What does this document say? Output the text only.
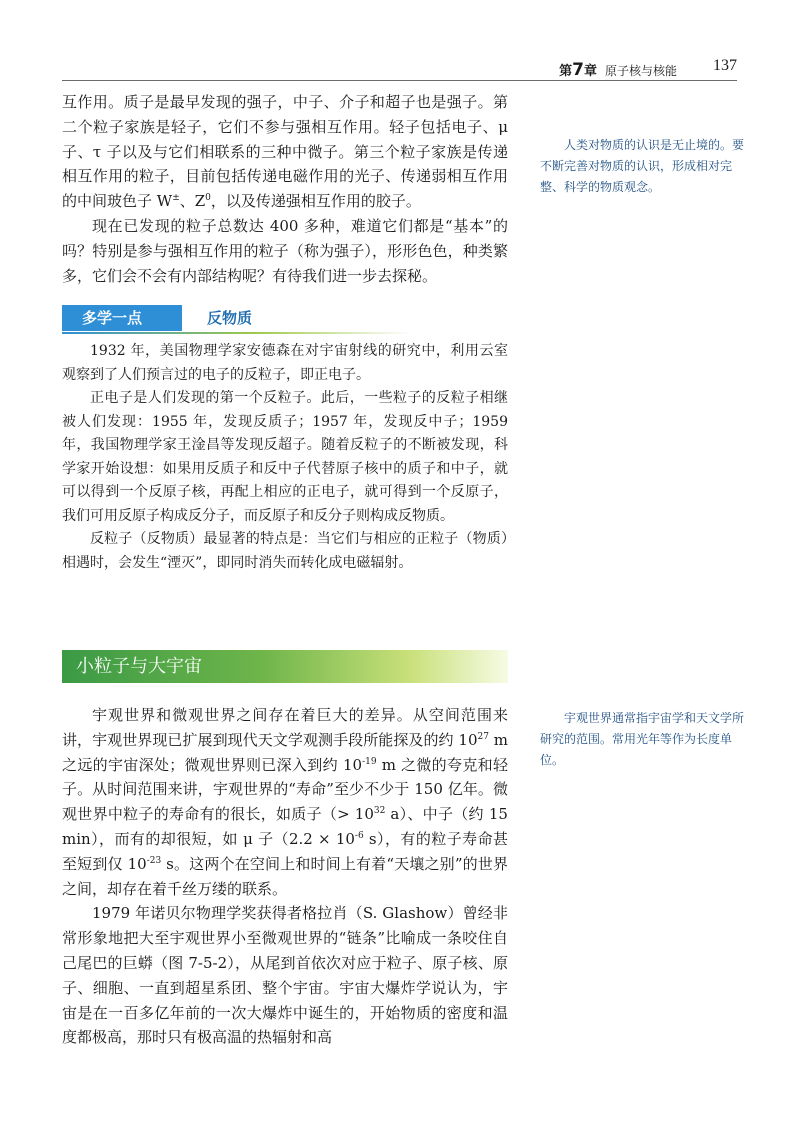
第7章 原子核与核能 137

互作用。质子是最早发现的强子，中子、介子和超子也是强子。第二个粒子家族是轻子，它们不参与强相互作用。轻子包括电子、μ 子、τ 子以及与它们相联系的三种中微子。第三个粒子家族是传递相互作用的粒子，目前包括传递电磁作用的光子、传递弱相互作用的中间玻色子 W±、$Z^0$，以及传递强相互作用的胶子。

现在已发现的粒子总数达 400 多种，难道它们都是“基本”的吗？特别是参与强相互作用的粒子（称为强子），形形色色，种类繁多，它们会不会有内部结构呢？有待我们进一步去探秘。

人类对物质的认识是无止境的。要不断完善对物质的认识，形成相对完整、科学的物质观念。
多学一点	反物质

1932 年，美国物理学家安德森在对宇宙射线的研究中，利用云室观察到了人们预言过的电子的反粒子，即正电子。

正电子是人们发现的第一个反粒子。此后，一些粒子的反粒子相继被人们发现：1955 年，发现反质子；1957 年，发现反中子；1959 年，我国物理学家王淦昌等发现反超子。随着反粒子的不断被发现，科学家开始设想：如果用反质子和反中子代替原子核中的质子和中子，就可以得到一个反原子核，再配上相应的正电子，就可得到一个反原子，我们可用反原子构成反分子，而反原子和反分子则构成反物质。

反粒子（反物质）最显著的特点是：当它们与相应的正粒子（物质）相遇时，会发生“湮灭”，即同时消失而转化成电磁辐射。

小粒子与大宇宙

宇观世界和微观世界之间存在着巨大的差异。从空间范围来讲，宇观世界现已扩展到现代天文学观测手段所能探及的约 $10^{27}$ m 之远的宇宙深处；微观世界则已深入到约 $10^{-19}$ m 之微的夸克和轻子。从时间范围来讲，宇观世界的“寿命”至少不少于 150 亿年。微观世界中粒子的寿命有的很长，如质子（> $10^{32}$ a）、中子（约 15 min），而有的却很短，如 μ 子（$2.2 \times 10^{-6}$ s），有的粒子寿命甚至短到仅 $10^{-23}$ s。这两个在空间上和时间上有着“天壤之别”的世界之间，却存在着千丝万缕的联系。

1979 年诺贝尔物理学奖获得者格拉肖（S. Glashow）曾经非常形象地把大至宇观世界小至微观世界的“链条”比喻成一条咬住自己尾巴的巨蟒（图 7-5-2），从尾到首依次对应于粒子、原子核、原子、细胞、一直到超星系团、整个宇宙。宇宙大爆炸学说认为，宇宙是在一百多亿年前的一次大爆炸中诞生的，开始物质的密度和温度都极高，那时只有极高温的热辐射和高

宇观世界通常指宇宙学和天文学所研究的范围。常用光年等作为长度单位。
